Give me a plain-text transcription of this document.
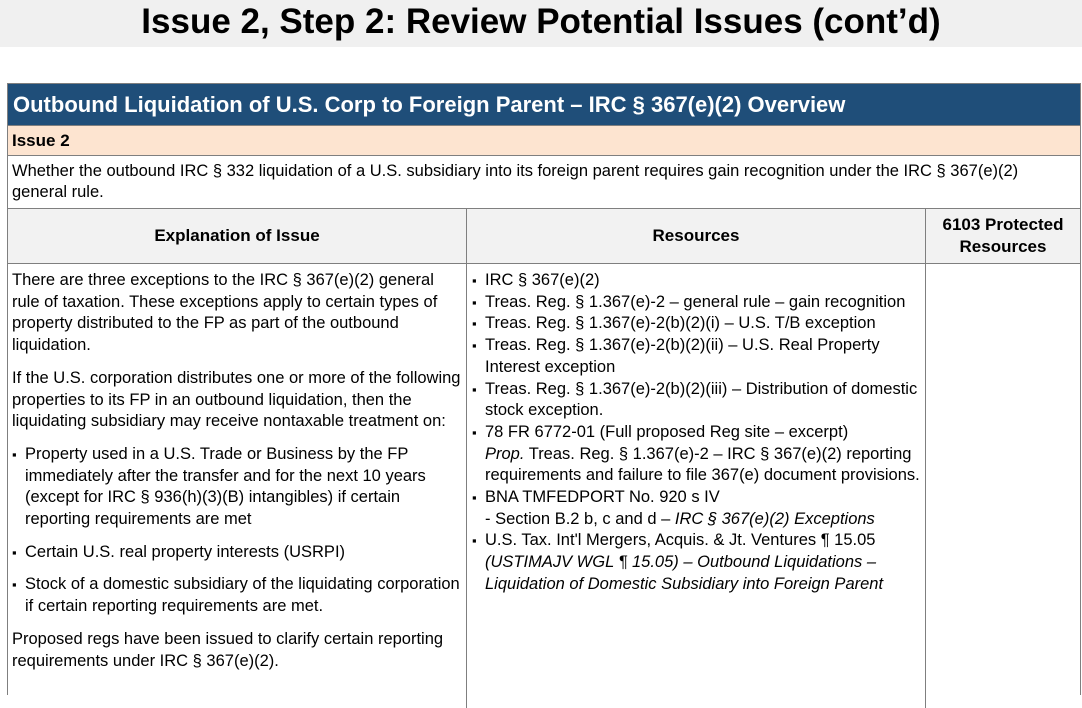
Issue 2, Step 2: Review Potential Issues (cont’d)
Outbound Liquidation of U.S. Corp to Foreign Parent – IRC § 367(e)(2) Overview
Issue 2
Whether the outbound IRC § 332 liquidation of a U.S. subsidiary into its foreign parent requires gain recognition under the IRC § 367(e)(2) general rule.
Explanation of Issue	Resources
6103 Protected Resources

There are three exceptions to the IRC § 367(e)(2) general rule of taxation. These exceptions apply to certain types of property distributed to the FP as part of the outbound liquidation.

If the U.S. corporation distributes one or more of the following properties to its FP in an outbound liquidation, then the liquidating subsidiary may receive nontaxable treatment on:

▪ Property used in a U.S. Trade or Business by the FP immediately after the transfer and for the next 10 years (except for IRC § 936(h)(3)(B) intangibles) if certain reporting requirements are met
▪ Certain U.S. real property interests (USRPI)
▪ Stock of a domestic subsidiary of the liquidating corporation if certain reporting requirements are met.

Proposed regs have been issued to clarify certain reporting requirements under IRC § 367(e)(2).

▪ IRC § 367(e)(2)
▪ Treas. Reg. § 1.367(e)-2 – general rule – gain recognition
▪ Treas. Reg. § 1.367(e)-2(b)(2)(i) – U.S. T/B exception
▪ Treas. Reg. § 1.367(e)-2(b)(2)(ii) – U.S. Real Property Interest exception
▪ Treas. Reg. § 1.367(e)-2(b)(2)(iii) – Distribution of domestic stock exception.
▪ 78 FR 6772-01 (Full proposed Reg site – excerpt)
Prop. Treas. Reg. § 1.367(e)-2 – IRC § 367(e)(2) reporting requirements and failure to file 367(e) document provisions.
▪ BNA TMFEDPORT No. 920 s IV
- Section B.2 b, c and d – IRC § 367(e)(2) Exceptions
▪ U.S. Tax. Int'l Mergers, Acquis. & Jt. Ventures ¶ 15.05
(USTIMAJV WGL ¶ 15.05) – Outbound Liquidations – Liquidation of Domestic Subsidiary into Foreign Parent
